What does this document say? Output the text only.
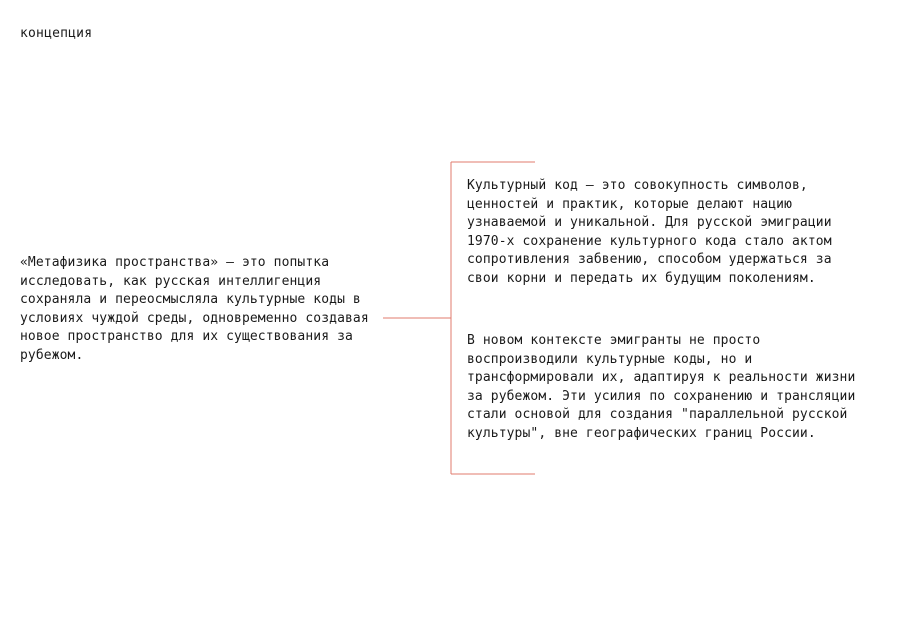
концепция
«Метафизика пространства» — это попытка исследовать, как русская интеллигенция сохраняла и переосмысляла культурные коды в условиях чуждой среды, одновременно создавая новое пространство для их существования за рубежом.
Культурный код — это совокупность символов, ценностей и практик, которые делают нацию узнаваемой и уникальной. Для русской эмиграции 1970-х сохранение культурного кода стало актом сопротивления забвению, способом удержаться за свои корни и передать их будущим поколениям.
В новом контексте эмигранты не просто воспроизводили культурные коды, но и трансформировали их, адаптируя к реальности жизни за рубежом. Эти усилия по сохранению и трансляции стали основой для создания "параллельной русской культуры", вне географических границ России.
